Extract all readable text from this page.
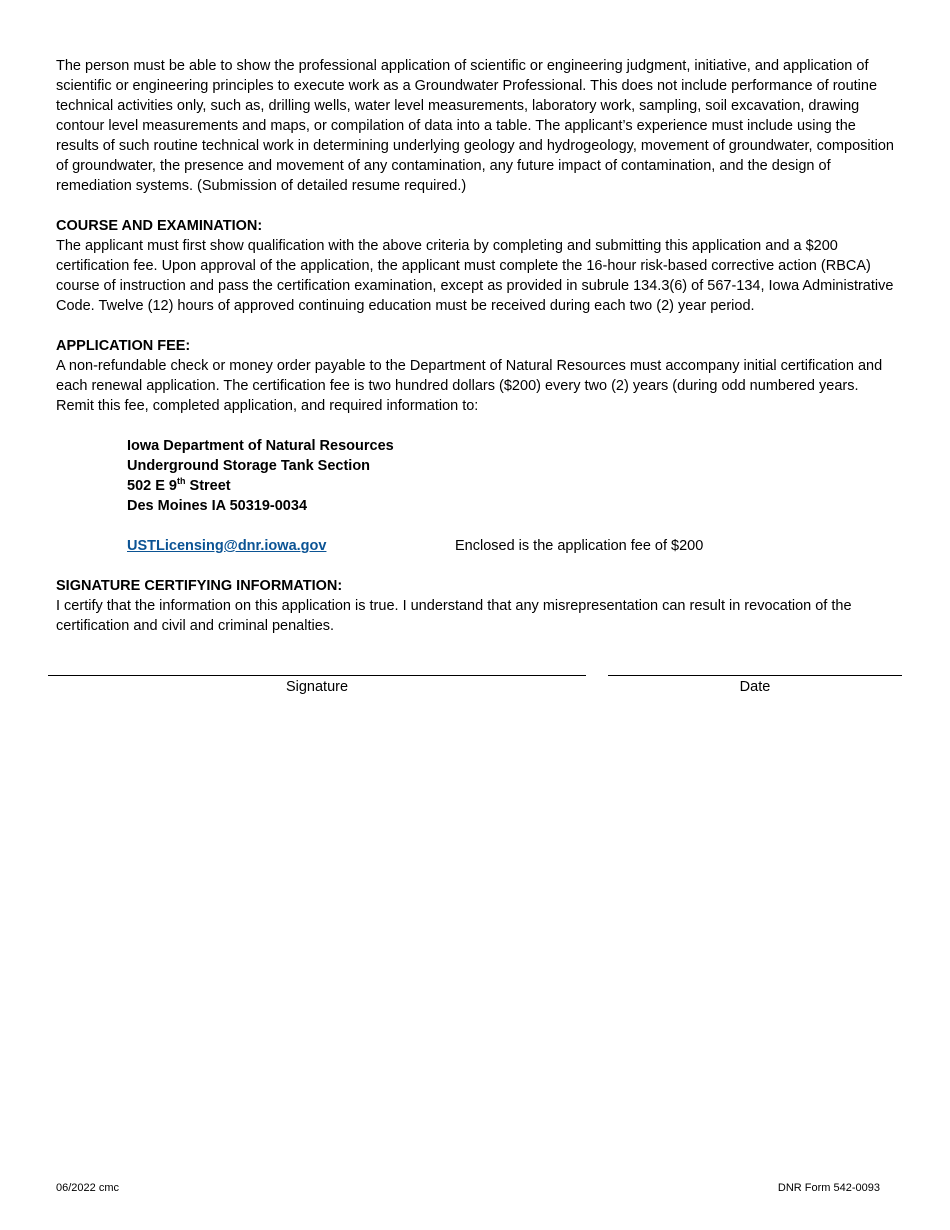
The person must be able to show the professional application of scientific or engineering judgment, initiative, and application of scientific or engineering principles to execute work as a Groundwater Professional. This does not include performance of routine technical activities only, such as, drilling wells, water level measurements, laboratory work, sampling, soil excavation, drawing contour level measurements and maps, or compilation of data into a table. The applicant’s experience must include using the results of such routine technical work in determining underlying geology and hydrogeology, movement of groundwater, composition of groundwater, the presence and movement of any contamination, any future impact of contamination, and the design of remediation systems. (Submission of detailed resume required.)

COURSE AND EXAMINATION:

The applicant must first show qualification with the above criteria by completing and submitting this application and a $200 certification fee. Upon approval of the application, the applicant must complete the 16-hour risk-based corrective action (RBCA) course of instruction and pass the certification examination, except as provided in subrule 134.3(6) of 567-134, Iowa Administrative Code. Twelve (12) hours of approved continuing education must be received during each two (2) year period.

APPLICATION FEE:

A non-refundable check or money order payable to the Department of Natural Resources must accompany initial certification and each renewal application. The certification fee is two hundred dollars ($200) every two (2) years (during odd numbered years. Remit this fee, completed application, and required information to:

Iowa Department of Natural Resources
Underground Storage Tank Section
502 E 9th Street
Des Moines IA 50319-0034
USTLicensing@dnr.iowa.gov	Enclosed is the application fee of $200

SIGNATURE CERTIFYING INFORMATION:

I certify that the information on this application is true. I understand that any misrepresentation can result in revocation of the certification and civil and criminal penalties.

Signature	Date
06/2022 cmc	DNR Form 542-0093
